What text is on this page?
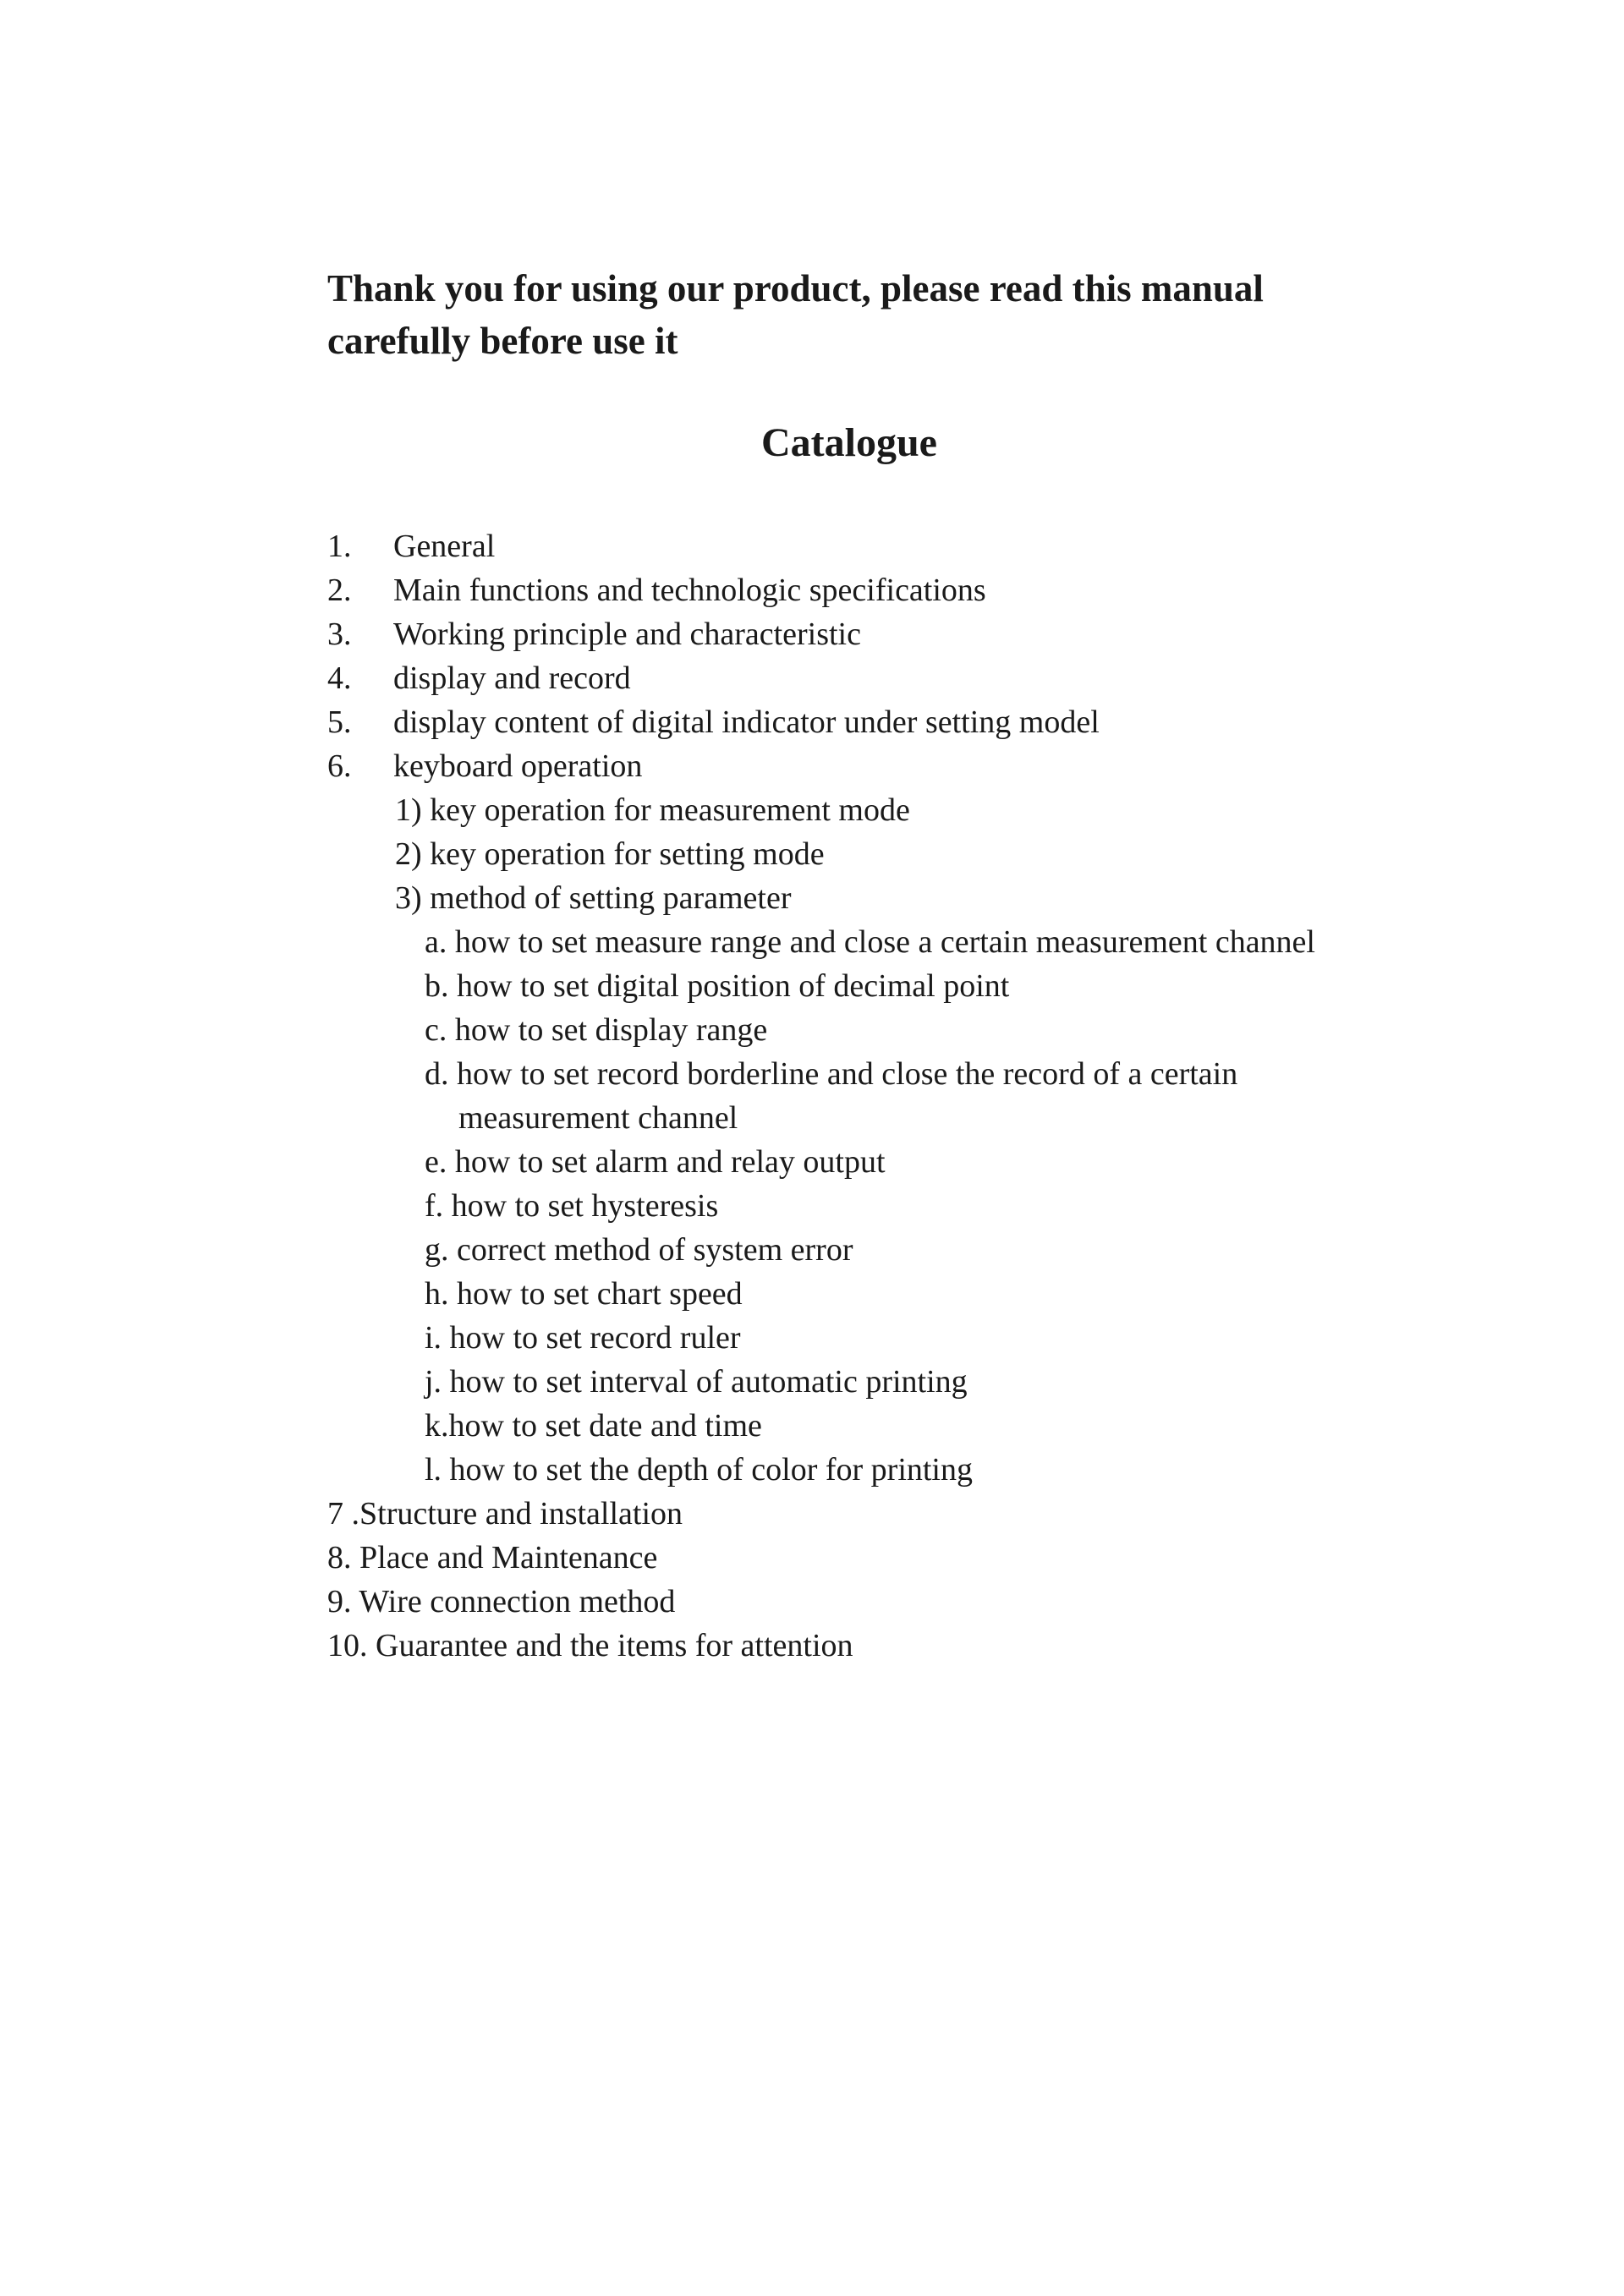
Thank you for using our product, please read this manual
carefully before use it
Catalogue
1. General
2. Main functions and technologic specifications
3. Working principle and characteristic
4. display and record
5. display content of digital indicator under setting model
6. keyboard operation
1) key operation for measurement mode
2) key operation for setting mode
3) method of setting parameter
a. how to set measure range and close a certain measurement channel
b. how to set digital position of decimal point
c. how to set display range
d. how to set record borderline and close the record of a certain
measurement channel
e. how to set alarm and relay output
f. how to set hysteresis
g. correct method of system error
h. how to set chart speed
i. how to set record ruler
j. how to set interval of automatic printing
k.how to set date and time
l. how to set the depth of color for printing
7 .Structure and installation
8. Place and Maintenance
9. Wire connection method
10. Guarantee and the items for attention
